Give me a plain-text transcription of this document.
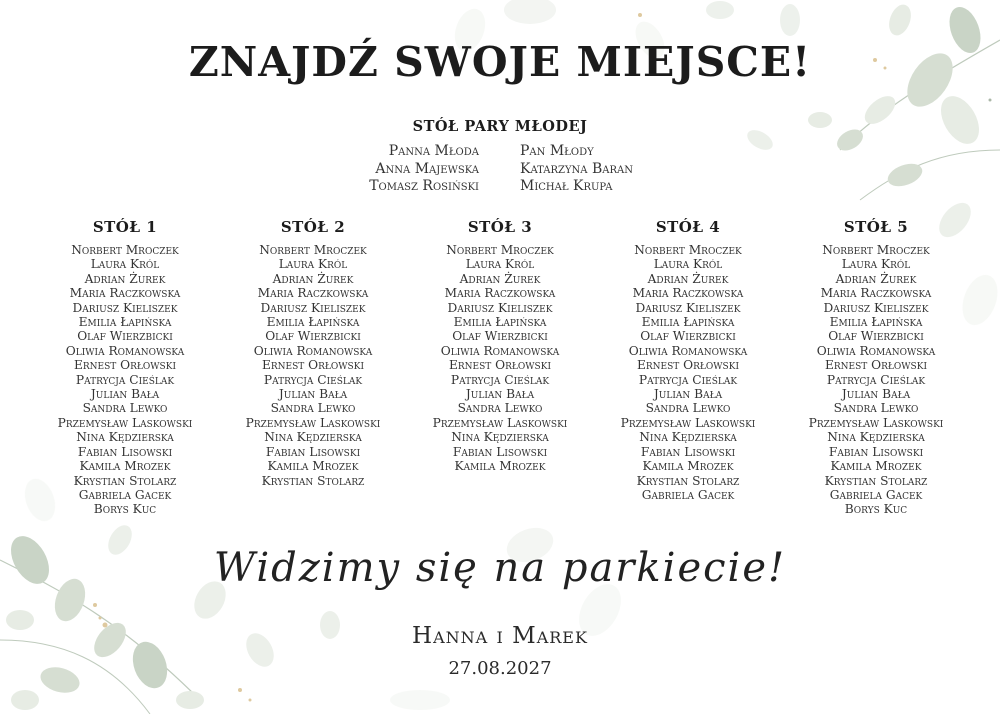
ZNAJDŹ SWOJE MIEJSCE!
STÓŁ PARY MŁODEJ
Panna Młoda
Anna Majewska
Tomasz Rosiński
Pan Młody
Katarzyna Baran
Michał Krupa
STÓŁ 1
Norbert Mroczek
Laura Król
Adrian Żurek
Maria Raczkowska
Dariusz Kieliszek
Emilia Łapińska
Olaf Wierzbicki
Oliwia Romanowska
Ernest Orłowski
Patrycja Cieślak
Julian Bała
Sandra Lewko
Przemysław Laskowski
Nina Kędzierska
Fabian Lisowski
Kamila Mrozek
Krystian Stolarz
Gabriela Gacek
Borys Kuc
STÓŁ 2
Norbert Mroczek
Laura Król
Adrian Żurek
Maria Raczkowska
Dariusz Kieliszek
Emilia Łapińska
Olaf Wierzbicki
Oliwia Romanowska
Ernest Orłowski
Patrycja Cieślak
Julian Bała
Sandra Lewko
Przemysław Laskowski
Nina Kędzierska
Fabian Lisowski
Kamila Mrozek
Krystian Stolarz
STÓŁ 3
Norbert Mroczek
Laura Król
Adrian Żurek
Maria Raczkowska
Dariusz Kieliszek
Emilia Łapińska
Olaf Wierzbicki
Oliwia Romanowska
Ernest Orłowski
Patrycja Cieślak
Julian Bała
Sandra Lewko
Przemysław Laskowski
Nina Kędzierska
Fabian Lisowski
Kamila Mrozek
STÓŁ 4
Norbert Mroczek
Laura Król
Adrian Żurek
Maria Raczkowska
Dariusz Kieliszek
Emilia Łapińska
Olaf Wierzbicki
Oliwia Romanowska
Ernest Orłowski
Patrycja Cieślak
Julian Bała
Sandra Lewko
Przemysław Laskowski
Nina Kędzierska
Fabian Lisowski
Kamila Mrozek
Krystian Stolarz
Gabriela Gacek
STÓŁ 5
Norbert Mroczek
Laura Król
Adrian Żurek
Maria Raczkowska
Dariusz Kieliszek
Emilia Łapińska
Olaf Wierzbicki
Oliwia Romanowska
Ernest Orłowski
Patrycja Cieślak
Julian Bała
Sandra Lewko
Przemysław Laskowski
Nina Kędzierska
Fabian Lisowski
Kamila Mrozek
Krystian Stolarz
Gabriela Gacek
Borys Kuc
Widzimy się na parkiecie!
Hanna i Marek
27.08.2027
